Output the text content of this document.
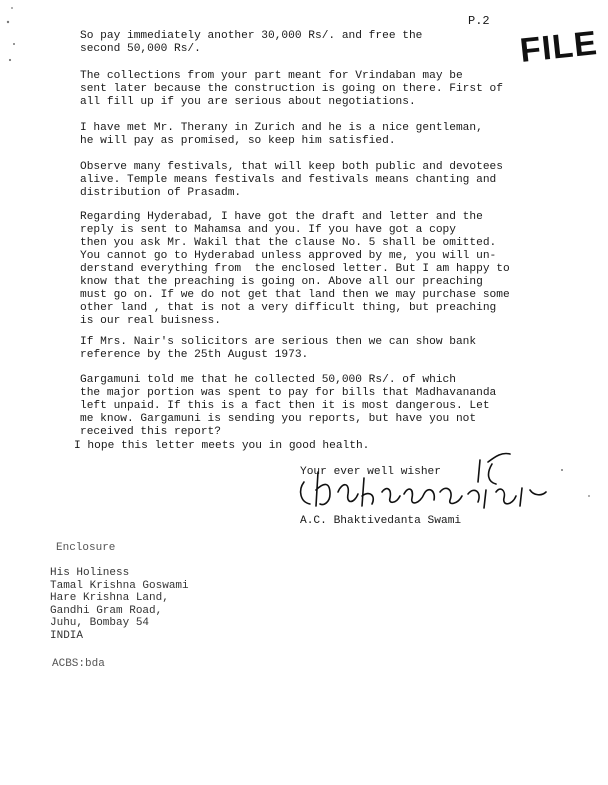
P.2
FILE
So pay immediately another 30,000 Rs/. and free the
second 50,000 Rs/.
The collections from your part meant for Vrindaban may be
sent later because the construction is going on there. First of
all fill up if you are serious about negotiations.
I have met Mr. Therany in Zurich and he is a nice gentleman,
he will pay as promised, so keep him satisfied.
Observe many festivals, that will keep both public and devotees
alive. Temple means festivals and festivals means chanting and
distribution of Prasadm.
Regarding Hyderabad, I have got the draft and letter and the
reply is sent to Mahamsa and you. If you have got a copy
then you ask Mr. Wakil that the clause No. 5 shall be omitted.
You cannot go to Hyderabad unless approved by me, you will un-
derstand everything from  the enclosed letter. But I am happy to
know that the preaching is going on. Above all our preaching
must go on. If we do not get that land then we may purchase some
other land , that is not a very difficult thing, but preaching
is our real buisness.
If Mrs. Nair's solicitors are serious then we can show bank
reference by the 25th August 1973.
Gargamuni told me that he collected 50,000 Rs/. of which
the major portion was spent to pay for bills that Madhavananda
left unpaid. If this is a fact then it is most dangerous. Let
me know. Gargamuni is sending you reports, but have you not
received this report?
I hope this letter meets you in good health.
Your ever well wisher
A.C. Bhaktivedanta Swami
Enclosure
His Holiness
Tamal Krishna Goswami
Hare Krishna Land,
Gandhi Gram Road,
Juhu, Bombay 54
INDIA
ACBS:bda
